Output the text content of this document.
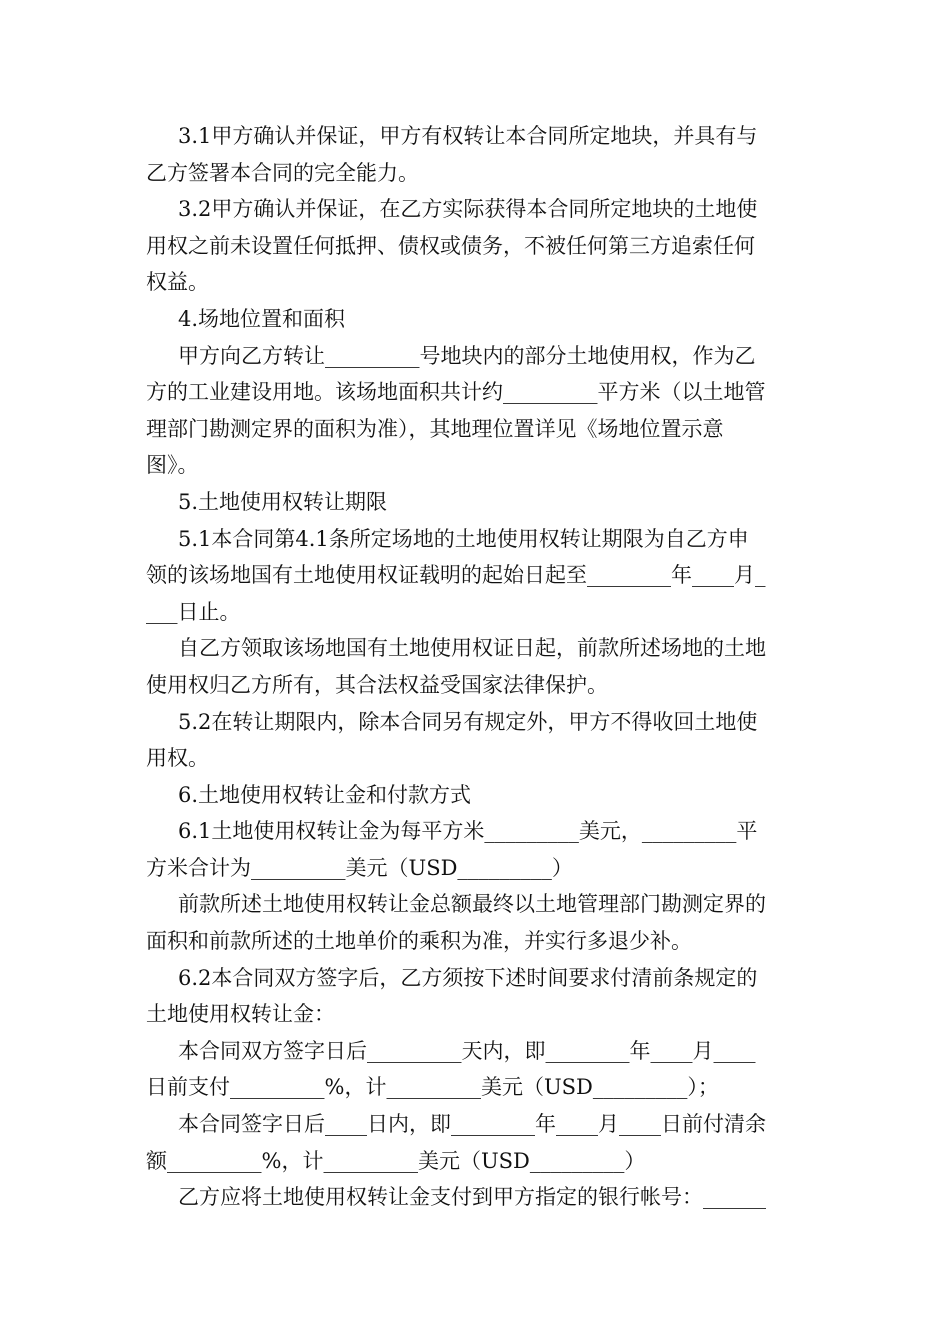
3.1甲方确认并保证，甲方有权转让本合同所定地块，并具有与
乙方签署本合同的完全能力。
3.2甲方确认并保证，在乙方实际获得本合同所定地块的土地使
用权之前未设置任何抵押、债权或债务，不被任何第三方追索任何
权益。
4.场地位置和面积
甲方向乙方转让_________号地块内的部分土地使用权，作为乙
方的工业建设用地。该场地面积共计约_________平方米（以土地管
理部门勘测定界的面积为准），其地理位置详见《场地位置示意
图》。
5.土地使用权转让期限
5.1本合同第4.1条所定场地的土地使用权转让期限为自乙方申
领的该场地国有土地使用权证载明的起始日起至________年____月_
___日止。
自乙方领取该场地国有土地使用权证日起，前款所述场地的土地
使用权归乙方所有，其合法权益受国家法律保护。
5.2在转让期限内，除本合同另有规定外，甲方不得收回土地使
用权。
6.土地使用权转让金和付款方式
6.1土地使用权转让金为每平方米_________美元，_________平
方米合计为_________美元（USD_________）
前款所述土地使用权转让金总额最终以土地管理部门勘测定界的
面积和前款所述的土地单价的乘积为准，并实行多退少补。
6.2本合同双方签字后，乙方须按下述时间要求付清前条规定的
土地使用权转让金：
本合同双方签字日后_________天内，即________年____月____
日前支付_________%，计_________美元（USD_________）；
本合同签字日后____日内，即________年____月____日前付清余
额_________%，计_________美元（USD_________）
乙方应将土地使用权转让金支付到甲方指定的银行帐号：______
